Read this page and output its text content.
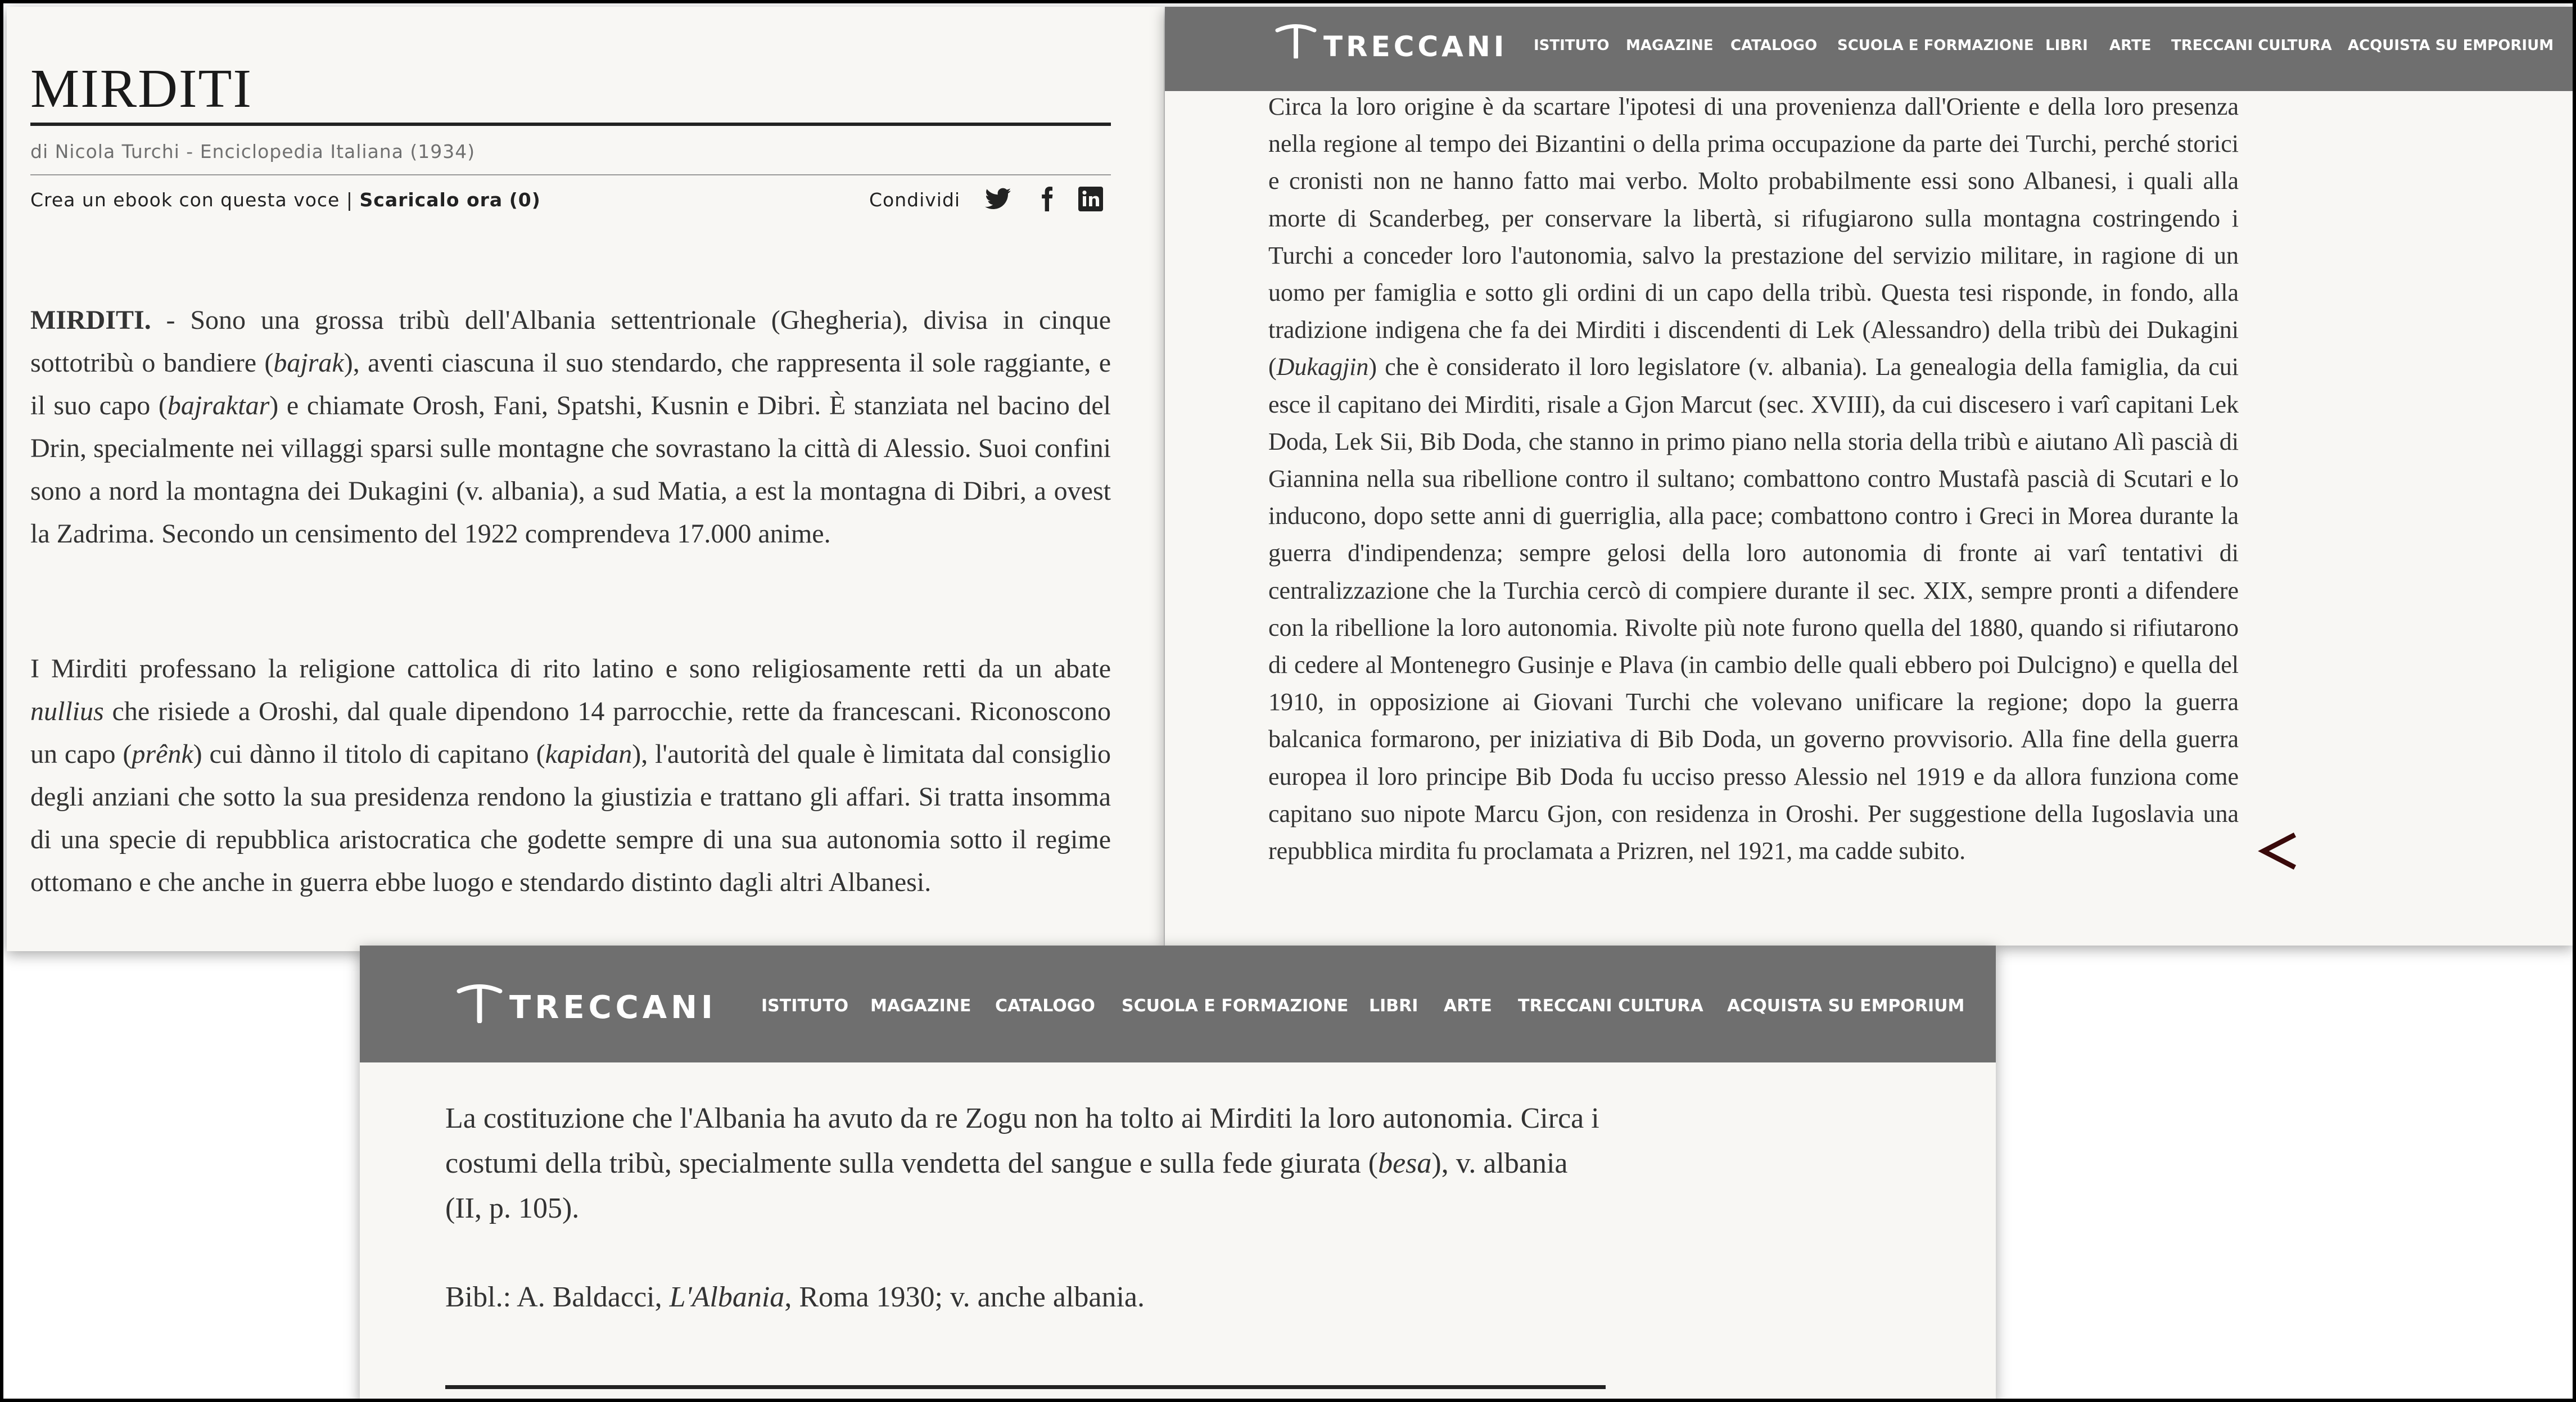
MIRDITI
di Nicola Turchi - Enciclopedia Italiana (1934)
Crea un ebook con questa voce | Scaricalo ora (0)	Condividi

MIRDITI. - Sono una grossa tribù dell'Albania settentrionale (Ghegheria), divisa in cinque sottotribù o bandiere (bajrak), aventi ciascuna il suo stendardo, che rappresenta il sole raggiante, e il suo capo (bajraktar) e chiamate Orosh, Fani, Spatshi, Kusnin e Dibri. È stanziata nel bacino del Drin, specialmente nei villaggi sparsi sulle montagne che sovrastano la città di Alessio. Suoi confini sono a nord la montagna dei Dukagini (v. albania), a sud Matia, a est la montagna di Dibri, a ovest la Zadrima. Secondo un censimento del 1922 comprendeva 17.000 anime.

I Mirditi professano la religione cattolica di rito latino e sono religiosamente retti da un abate nullius che risiede a Oroshi, dal quale dipendono 14 parrocchie, rette da francescani. Riconoscono un capo (prênk) cui dànno il titolo di capitano (kapidan), l'autorità del quale è limitata dal consiglio degli anziani che sotto la sua presidenza rendono la giustizia e trattano gli affari. Si tratta insomma di una specie di repubblica aristocratica che godette sempre di una sua autonomia sotto il regime ottomano e che anche in guerra ebbe luogo e stendardo distinto dagli altri Albanesi.

TRECCANI ISTITUTO MAGAZINE CATALOGO SCUOLA E FORMAZIONE LIBRI ARTE TRECCANI CULTURA ACQUISTA SU EMPORIUM

Circa la loro origine è da scartare l'ipotesi di una provenienza dall'Oriente e della loro presenza nella regione al tempo dei Bizantini o della prima occupazione da parte dei Turchi, perché storici e cronisti non ne hanno fatto mai verbo. Molto probabilmente essi sono Albanesi, i quali alla morte di Scanderbeg, per conservare la libertà, si rifugiarono sulla montagna costringendo i Turchi a conceder loro l'autonomia, salvo la prestazione del servizio militare, in ragione di un uomo per famiglia e sotto gli ordini di un capo della tribù. Questa tesi risponde, in fondo, alla tradizione indigena che fa dei Mirditi i discendenti di Lek (Alessandro) della tribù dei Dukagini (Dukagjin) che è considerato il loro legislatore (v. albania). La genealogia della famiglia, da cui esce il capitano dei Mirditi, risale a Gjon Marcut (sec. XVIII), da cui discesero i varî capitani Lek Doda, Lek Sii, Bib Doda, che stanno in primo piano nella storia della tribù e aiutano Alì pascià di Giannina nella sua ribellione contro il sultano; combattono contro Mustafà pascià di Scutari e lo inducono, dopo sette anni di guerriglia, alla pace; combattono contro i Greci in Morea durante la guerra d'indipendenza; sempre gelosi della loro autonomia di fronte ai varî tentativi di centralizzazione che la Turchia cercò di compiere durante il sec. XIX, sempre pronti a difendere con la ribellione la loro autonomia. Rivolte più note furono quella del 1880, quando si rifiutarono di cedere al Montenegro Gusinje e Plava (in cambio delle quali ebbero poi Dulcigno) e quella del 1910, in opposizione ai Giovani Turchi che volevano unificare la regione; dopo la guerra balcanica formarono, per iniziativa di Bib Doda, un governo provvisorio. Alla fine della guerra europea il loro principe Bib Doda fu ucciso presso Alessio nel 1919 e da allora funziona come capitano suo nipote Marcu Gjon, con residenza in Oroshi. Per suggestione della Iugoslavia una repubblica mirdita fu proclamata a Prizren, nel 1921, ma cadde subito.

<
TRECCANI	ISTITUTO MAGAZINE CATALOGO SCUOLA E FORMAZIONE LIBRI ARTE TRECCANI CULTURA ACQUISTA SU EMPORIUM

La costituzione che l'Albania ha avuto da re Zogu non ha tolto ai Mirditi la loro autonomia. Circa i costumi della tribù, specialmente sulla vendetta del sangue e sulla fede giurata (besa), v. albania (II, p. 105).

Bibl.: A. Baldacci, L'Albania, Roma 1930; v. anche albania.
